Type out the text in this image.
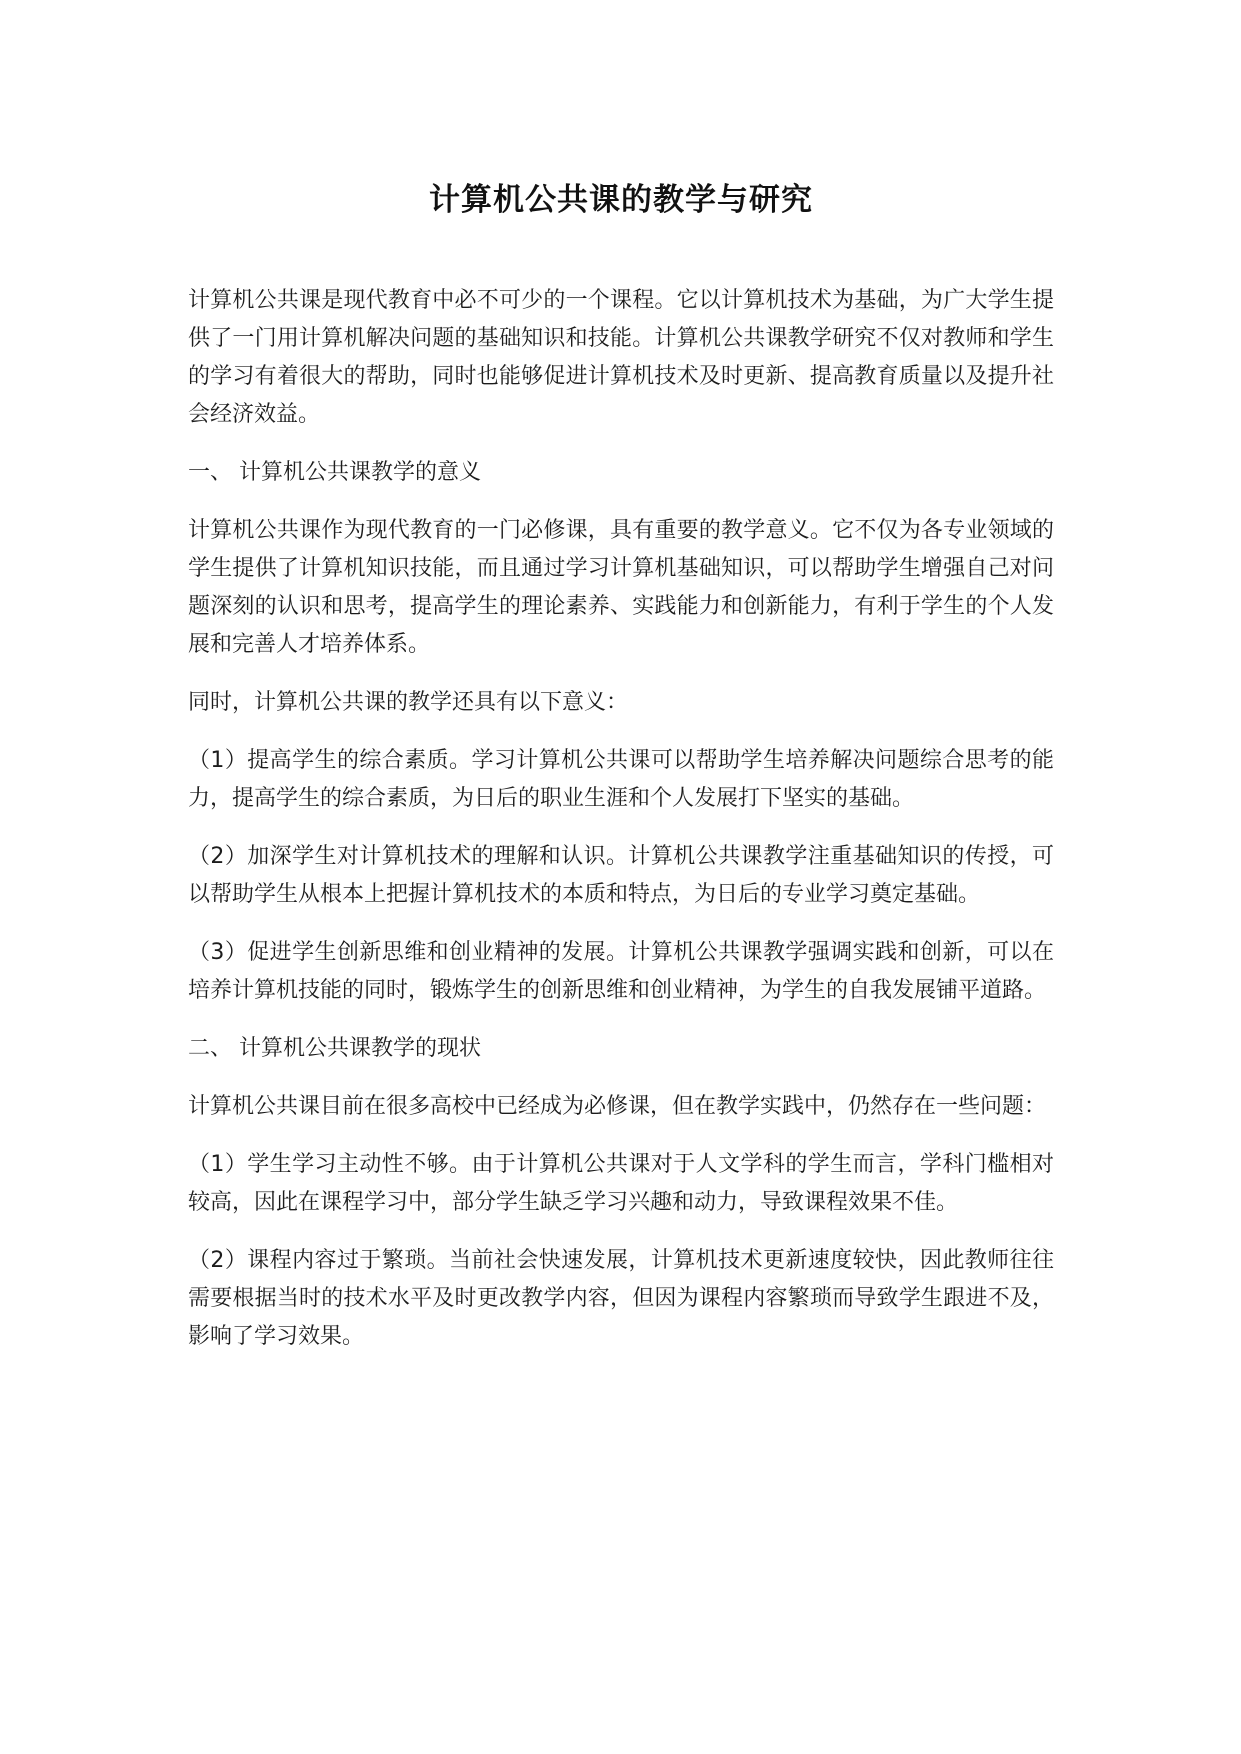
计算机公共课的教学与研究

计算机公共课是现代教育中必不可少的一个课程。它以计算机技术为基础，为广大学生提供了一门用计算机解决问题的基础知识和技能。计算机公共课教学研究不仅对教师和学生的学习有着很大的帮助，同时也能够促进计算机技术及时更新、提高教育质量以及提升社会经济效益。

一、 计算机公共课教学的意义

计算机公共课作为现代教育的一门必修课，具有重要的教学意义。它不仅为各专业领域的学生提供了计算机知识技能，而且通过学习计算机基础知识，可以帮助学生增强自己对问题深刻的认识和思考，提高学生的理论素养、实践能力和创新能力，有利于学生的个人发展和完善人才培养体系。

同时，计算机公共课的教学还具有以下意义：

（1）提高学生的综合素质。学习计算机公共课可以帮助学生培养解决问题综合思考的能力，提高学生的综合素质，为日后的职业生涯和个人发展打下坚实的基础。

（2）加深学生对计算机技术的理解和认识。计算机公共课教学注重基础知识的传授，可以帮助学生从根本上把握计算机技术的本质和特点，为日后的专业学习奠定基础。

（3）促进学生创新思维和创业精神的发展。计算机公共课教学强调实践和创新，可以在培养计算机技能的同时，锻炼学生的创新思维和创业精神，为学生的自我发展铺平道路。

二、 计算机公共课教学的现状

计算机公共课目前在很多高校中已经成为必修课，但在教学实践中，仍然存在一些问题：

（1）学生学习主动性不够。由于计算机公共课对于人文学科的学生而言，学科门槛相对较高，因此在课程学习中，部分学生缺乏学习兴趣和动力，导致课程效果不佳。

（2）课程内容过于繁琐。当前社会快速发展，计算机技术更新速度较快，因此教师往往需要根据当时的技术水平及时更改教学内容，但因为课程内容繁琐而导致学生跟进不及，影响了学习效果。
